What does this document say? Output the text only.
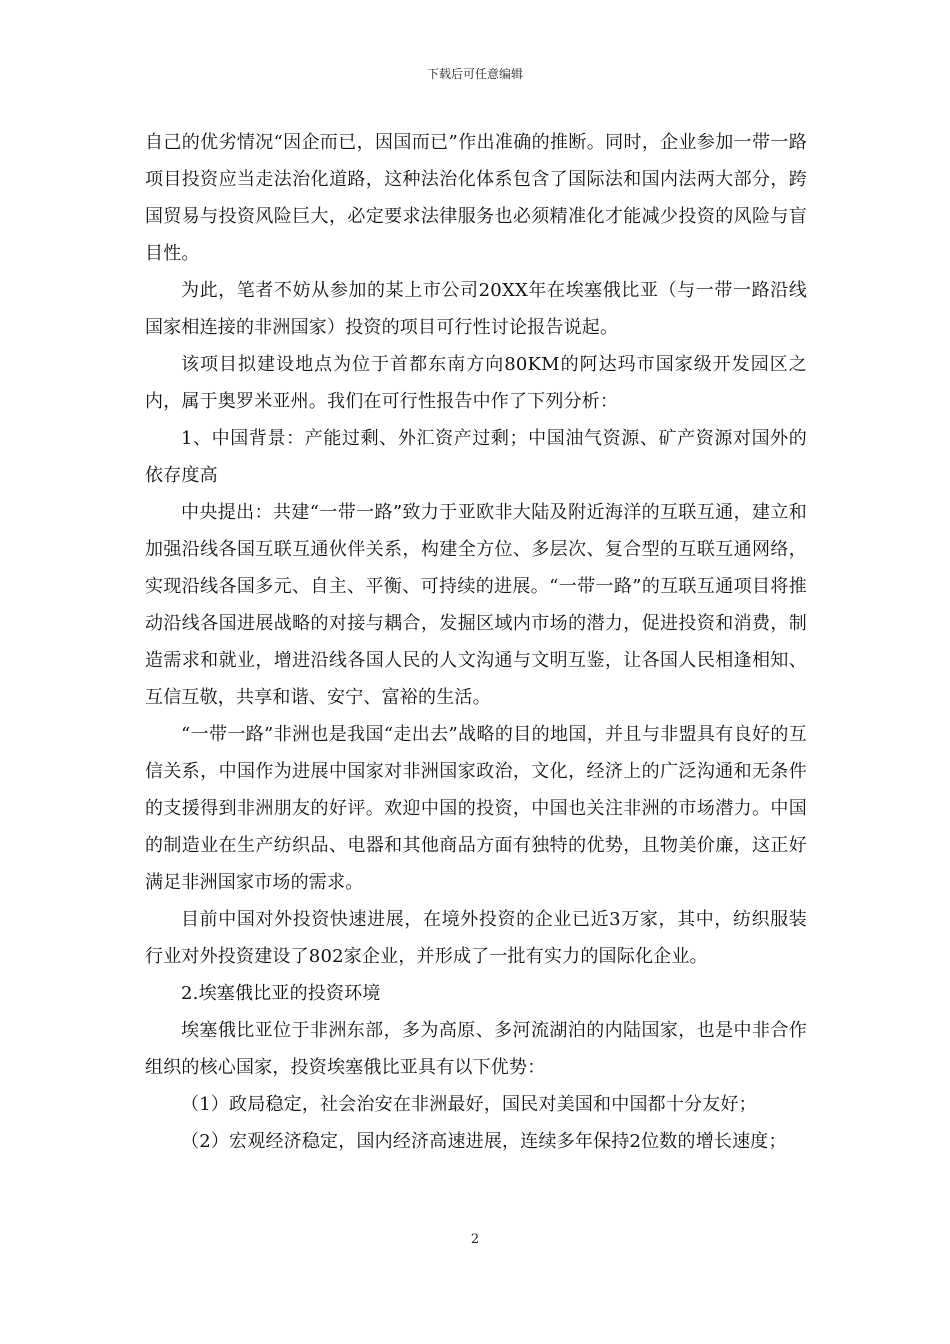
下载后可任意编辑

自己的优劣情况“因企而已，因国而已”作出准确的推断。同时，企业参加一带一路项目投资应当走法治化道路，这种法治化体系包含了国际法和国内法两大部分，跨国贸易与投资风险巨大，必定要求法律服务也必须精准化才能减少投资的风险与盲目性。

为此，笔者不妨从参加的某上市公司20XX年在埃塞俄比亚（与一带一路沿线国家相连接的非洲国家）投资的项目可行性讨论报告说起。

该项目拟建设地点为位于首都东南方向80KM的阿达玛市国家级开发园区之内，属于奥罗米亚州。我们在可行性报告中作了下列分析：

1、中国背景：产能过剩、外汇资产过剩；中国油气资源、矿产资源对国外的依存度高

中央提出：共建“一带一路”致力于亚欧非大陆及附近海洋的互联互通，建立和加强沿线各国互联互通伙伴关系，构建全方位、多层次、复合型的互联互通网络，实现沿线各国多元、自主、平衡、可持续的进展。“一带一路”的互联互通项目将推动沿线各国进展战略的对接与耦合，发掘区域内市场的潜力，促进投资和消费，制造需求和就业，增进沿线各国人民的人文沟通与文明互鉴，让各国人民相逢相知、互信互敬，共享和谐、安宁、富裕的生活。

“一带一路”非洲也是我国“走出去”战略的目的地国，并且与非盟具有良好的互信关系，中国作为进展中国家对非洲国家政治，文化，经济上的广泛沟通和无条件的支援得到非洲朋友的好评。欢迎中国的投资，中国也关注非洲的市场潜力。中国的制造业在生产纺织品、电器和其他商品方面有独特的优势，且物美价廉，这正好满足非洲国家市场的需求。

目前中国对外投资快速进展，在境外投资的企业已近3万家，其中，纺织服装行业对外投资建设了802家企业，并形成了一批有实力的国际化企业。

2.埃塞俄比亚的投资环境

埃塞俄比亚位于非洲东部，多为高原、多河流湖泊的内陆国家，也是中非合作组织的核心国家，投资埃塞俄比亚具有以下优势：

（1）政局稳定，社会治安在非洲最好，国民对美国和中国都十分友好；

（2）宏观经济稳定，国内经济高速进展，连续多年保持2位数的增长速度；

2
